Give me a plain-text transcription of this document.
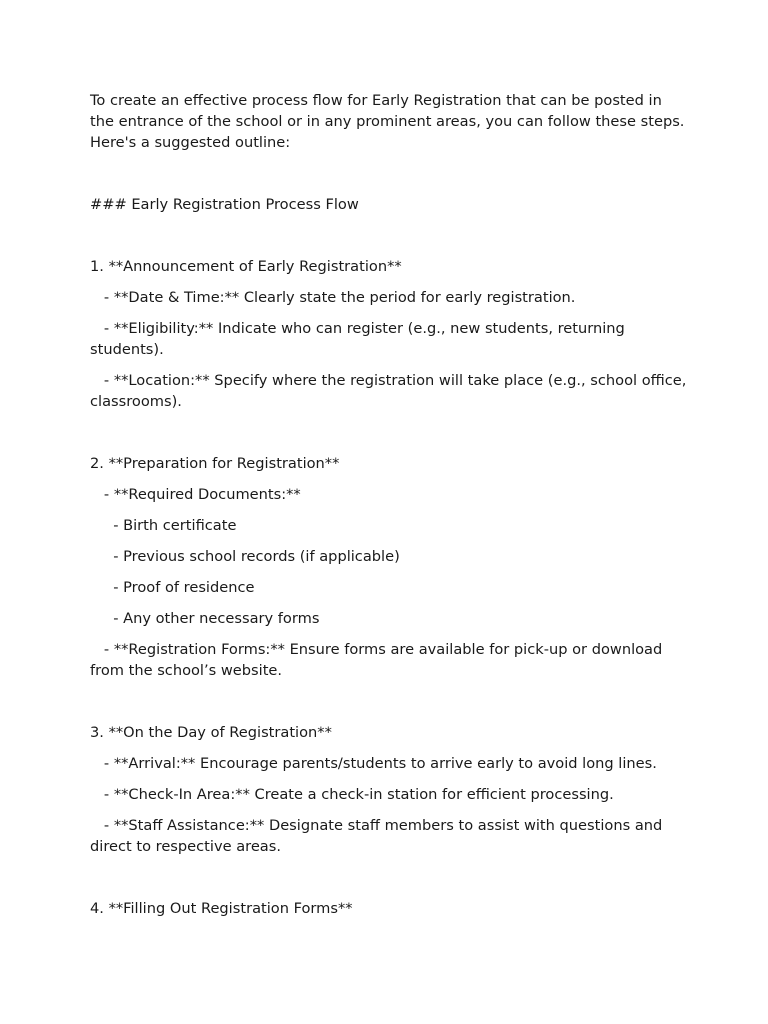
To create an effective process flow for Early Registration that can be posted in the entrance of the school or in any prominent areas, you can follow these steps. Here's a suggested outline:

### Early Registration Process Flow

1. **Announcement of Early Registration**

- **Date & Time:** Clearly state the period for early registration.

- **Eligibility:** Indicate who can register (e.g., new students, returning students).

- **Location:** Specify where the registration will take place (e.g., school office, classrooms).

2. **Preparation for Registration**

- **Required Documents:**

- Birth certificate

- Previous school records (if applicable)

- Proof of residence

- Any other necessary forms

- **Registration Forms:** Ensure forms are available for pick-up or download from the school’s website.

3. **On the Day of Registration**

- **Arrival:** Encourage parents/students to arrive early to avoid long lines.

- **Check-In Area:** Create a check-in station for efficient processing.

- **Staff Assistance:** Designate staff members to assist with questions and direct to respective areas.

4. **Filling Out Registration Forms**
